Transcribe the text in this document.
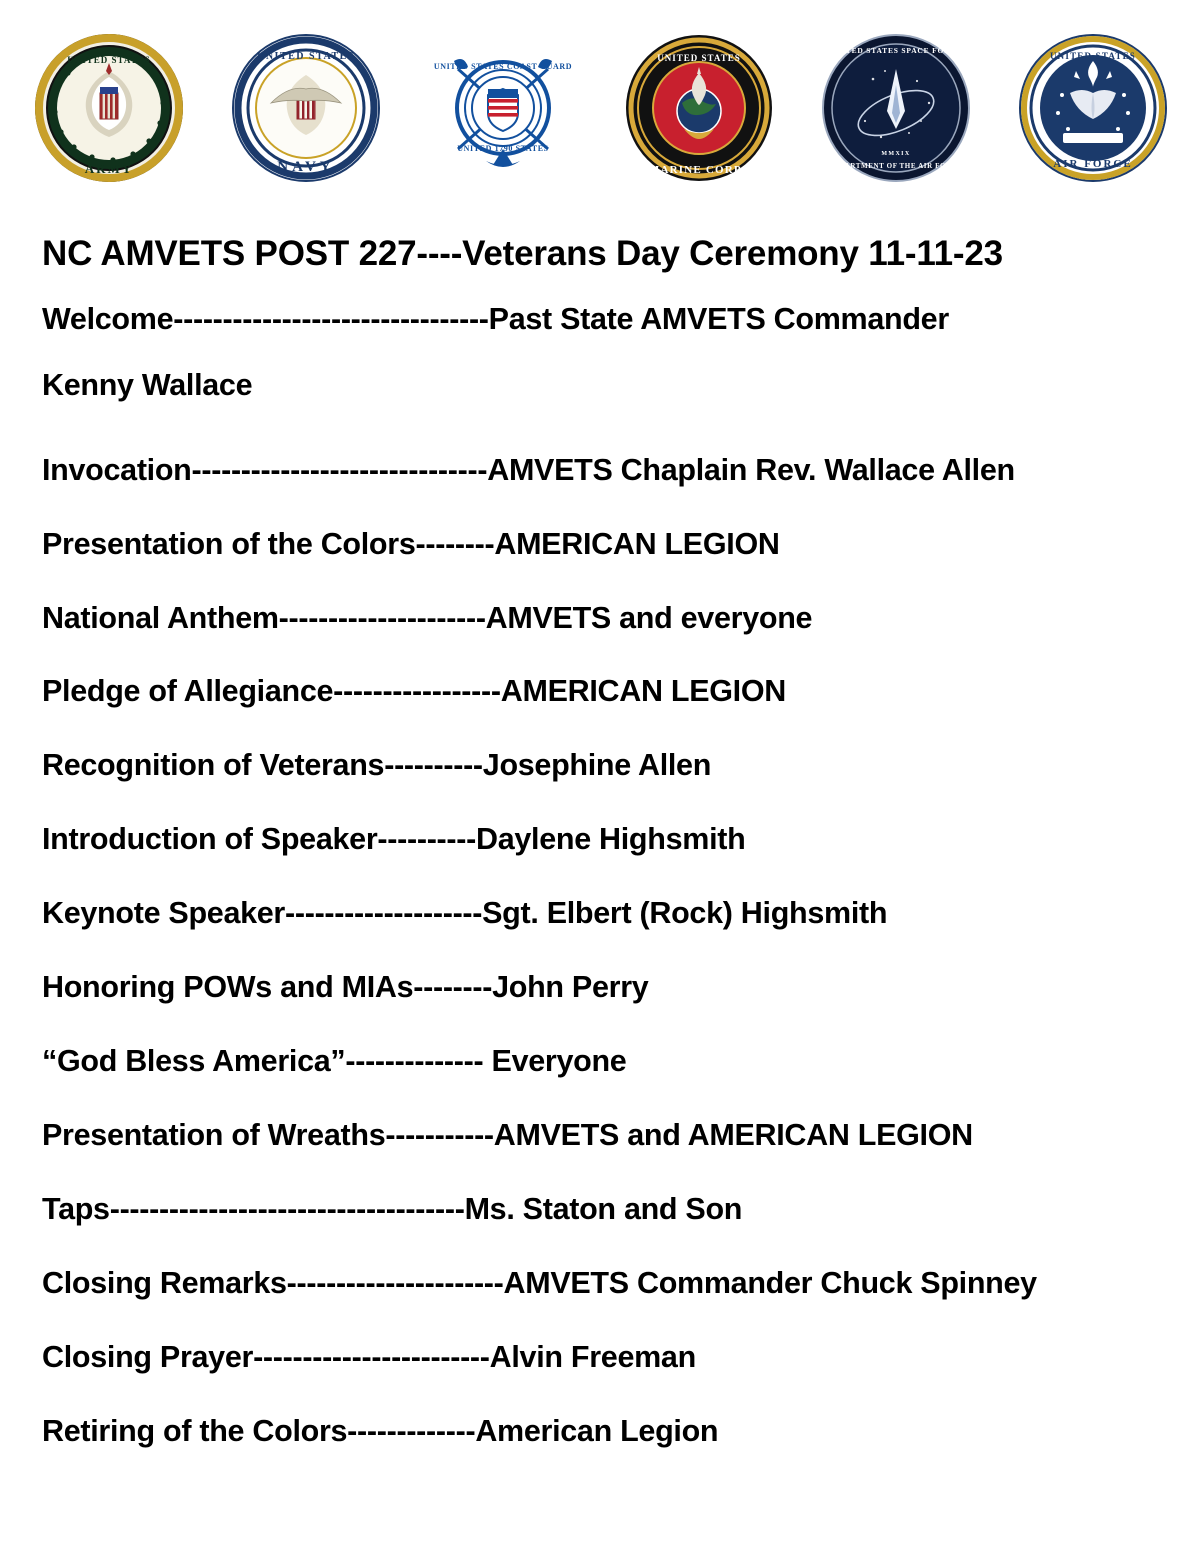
ARMY
UNITED STATES	UNITED STATES
NAVY
UNITED STATES COAST GUARD
UNITED 1790 STATES
UNITED STATES
MARINE CORPS
UNITED STATES SPACE FORCE
DEPARTMENT OF THE AIR FORCE
MMXIX
UNITED STATES
AIR FORCE
NC AMVETS POST 227----Veterans Day Ceremony 11-11-23

Welcome--------------------------------Past State AMVETS Commander

Kenny Wallace

Invocation------------------------------AMVETS Chaplain Rev. Wallace Allen

Presentation of the Colors--------AMERICAN LEGION

National Anthem---------------------AMVETS and everyone

Pledge of Allegiance-----------------AMERICAN LEGION

Recognition of Veterans----------Josephine Allen

Introduction of Speaker----------Daylene Highsmith

Keynote Speaker--------------------Sgt. Elbert (Rock) Highsmith

Honoring POWs and MIAs--------John Perry

“God Bless America”-------------- Everyone

Presentation of Wreaths-----------AMVETS and AMERICAN LEGION

Taps------------------------------------Ms. Staton and Son

Closing Remarks----------------------AMVETS Commander Chuck Spinney

Closing Prayer------------------------Alvin Freeman

Retiring of the Colors-------------American Legion
